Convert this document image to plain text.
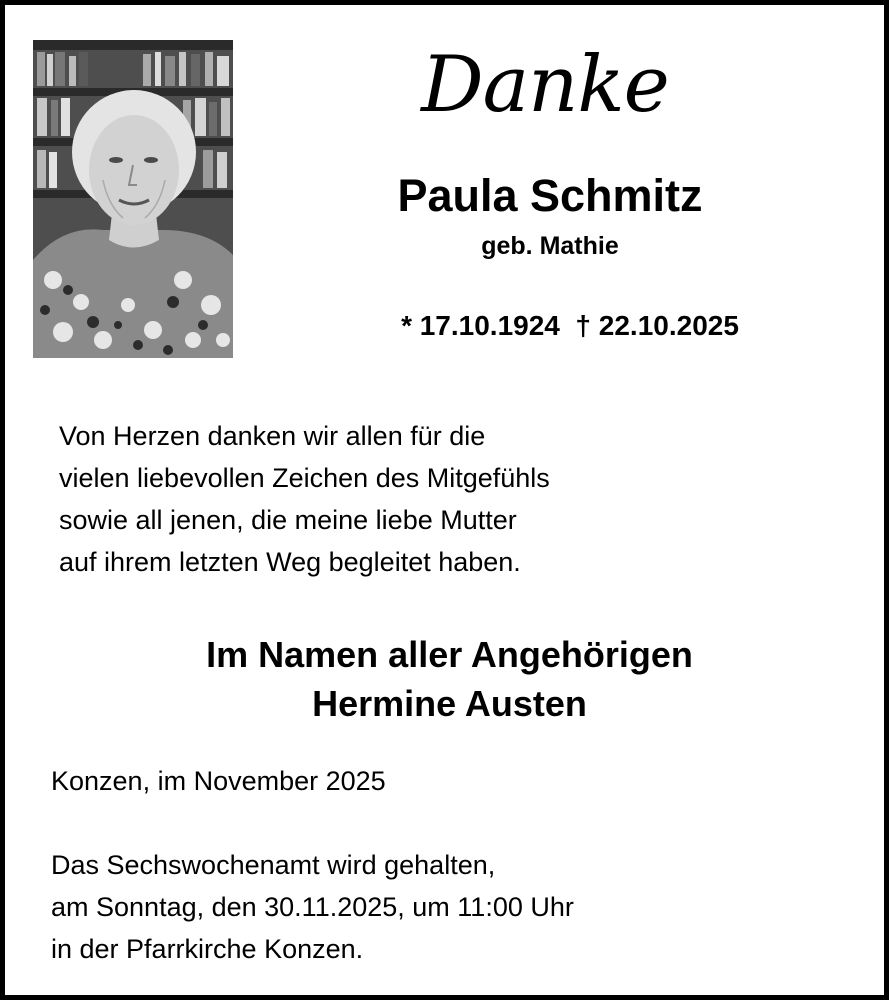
Danke
Paula Schmitz
geb. Mathie
* 17.10.1924  † 22.10.2025
Von Herzen danken wir allen für die
vielen liebevollen Zeichen des Mitgefühls
sowie all jenen, die meine liebe Mutter
auf ihrem letzten Weg begleitet haben.
Im Namen aller Angehörigen
Hermine Austen
Konzen, im November 2025
Das Sechswochenamt wird gehalten,
am Sonntag, den 30.11.2025, um 11:00 Uhr
in der Pfarrkirche Konzen.
